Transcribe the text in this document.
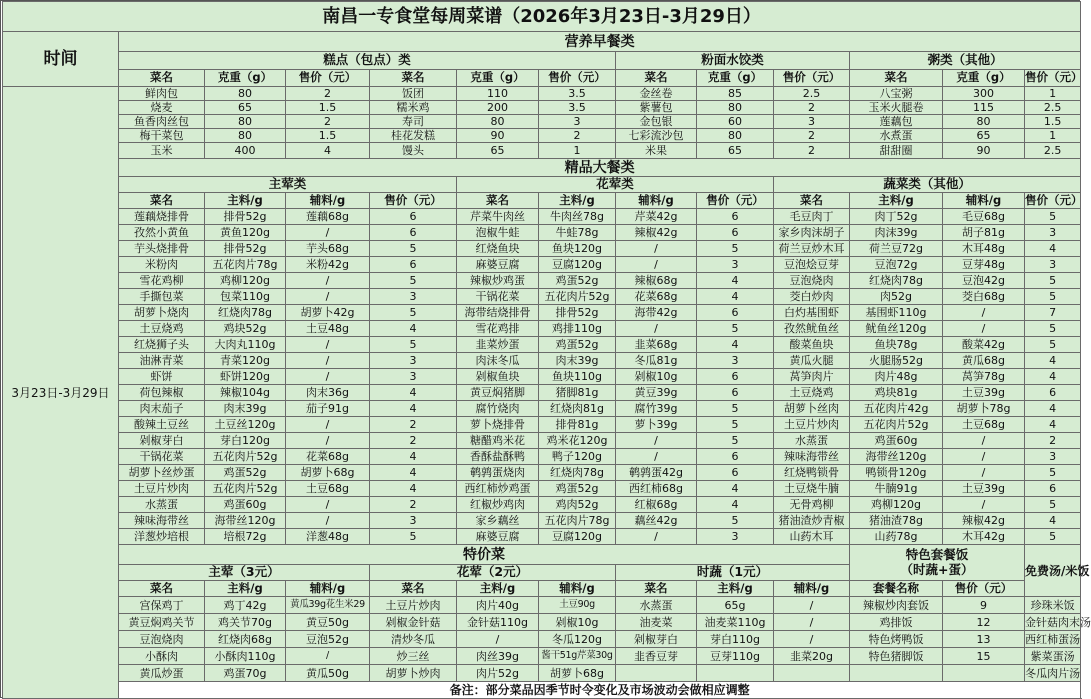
南昌一专食堂每周菜谱（2026年3月23日-3月29日）												
时间	营养早餐类											
	糕点（包点）类						粉面水饺类			粥类（其他）		
	菜名	克重（g）	售价（元）	菜名	克重（g）	售价（元）	菜名	克重（g）	售价（元）	菜名	克重（g）	售价（元）
3月23日-3月29日	鲜肉包	80	2	饭团	110	3.5	金丝卷	85	2.5	八宝粥	300	1
	烧麦	65	1.5	糯米鸡	200	3.5	紫薯包	80	2	玉米火腿卷	115	2.5
	鱼香肉丝包	80	2	寿司	80	3	金包银	60	3	莲藕包	80	1.5
	梅干菜包	80	1.5	桂花发糕	90	2	七彩流沙包	80	2	水煮蛋	65	1
	玉米	400	4	馒头	65	1	米果	65	2	甜甜圈	90	2.5
	精品大餐类											
	主荤类				花荤类				蔬菜类（其他）			
	菜名	主料/g	辅料/g	售价（元）	菜名	主料/g	辅料/g	售价（元）	菜名	主料/g	辅料/g	售价（元）
	莲藕烧排骨	排骨52g	莲藕68g	6	芹菜牛肉丝	牛肉丝78g	芹菜42g	6	毛豆肉丁	肉丁52g	毛豆68g	5
	孜然小黄鱼	黄鱼120g	/	6	泡椒牛蛙	牛蛙78g	辣椒42g	6	家乡肉沫胡子	肉沫39g	胡子81g	3
	芋头烧排骨	排骨52g	芋头68g	5	红烧鱼块	鱼块120g	/	5	荷兰豆炒木耳	荷兰豆72g	木耳48g	4
	米粉肉	五花肉片78g	米粉42g	6	麻婆豆腐	豆腐120g	/	3	豆泡烩豆芽	豆泡72g	豆芽48g	3
	雪花鸡柳	鸡柳120g	/	5	辣椒炒鸡蛋	鸡蛋52g	辣椒68g	4	豆泡烧肉	红烧肉78g	豆泡42g	5
	手撕包菜	包菜110g	/	3	干锅花菜	五花肉片52g	花菜68g	4	茭白炒肉	肉52g	茭白68g	5
	胡萝卜烧肉	红烧肉78g	胡萝卜42g	5	海带结烧排骨	排骨52g	海带42g	6	白灼基围虾	基围虾110g	/	7
	土豆烧鸡	鸡块52g	土豆48g	4	雪花鸡排	鸡排110g	/	5	孜然鱿鱼丝	鱿鱼丝120g	/	5
	红烧狮子头	大肉丸110g	/	5	韭菜炒蛋	鸡蛋52g	韭菜68g	4	酸菜鱼块	鱼块78g	酸菜42g	5
	油淋青菜	青菜120g	/	3	肉沫冬瓜	肉末39g	冬瓜81g	3	黄瓜火腿	火腿肠52g	黄瓜68g	4
	虾饼	虾饼120g	/	3	剁椒鱼块	鱼块110g	剁椒10g	6	莴笋肉片	肉片48g	莴笋78g	4
	荷包辣椒	辣椒104g	肉末36g	4	黄豆焖猪脚	猪脚81g	黄豆39g	6	土豆烧鸡	鸡块81g	土豆39g	6
	肉末茄子	肉末39g	茄子91g	4	腐竹烧肉	红烧肉81g	腐竹39g	5	胡萝卜丝肉	五花肉片42g	胡萝卜78g	4
	酸辣土豆丝	土豆丝120g	/	2	萝卜烧排骨	排骨81g	萝卜39g	5	土豆片炒肉	五花肉片52g	土豆68g	4
	剁椒芽白	芽白120g	/	2	糖醋鸡米花	鸡米花120g	/	5	水蒸蛋	鸡蛋60g	/	2
	干锅花菜	五花肉片52g	花菜68g	4	香酥盐酥鸭	鸭子120g	/	6	辣味海带丝	海带丝120g	/	3
	胡萝卜丝炒蛋	鸡蛋52g	胡萝卜68g	4	鹌鹑蛋烧肉	红烧肉78g	鹌鹑蛋42g	6	红烧鸭锁骨	鸭锁骨120g	/	5
	土豆片炒肉	五花肉片52g	土豆68g	4	西红柿炒鸡蛋	鸡蛋52g	西红柿68g	4	土豆烧牛腩	牛腩91g	土豆39g	6
	水蒸蛋	鸡蛋60g	/	2	红椒炒鸡肉	鸡肉52g	红椒68g	4	无骨鸡柳	鸡柳120g	/	5
	辣味海带丝	海带丝120g	/	3	家乡藕丝	五花肉片78g	藕丝42g	5	猪油渣炒青椒	猪油渣78g	辣椒42g	4
	洋葱炒培根	培根72g	洋葱48g	5	麻婆豆腐	豆腐120g	/	3	山药木耳	山药78g	木耳42g	5
	特价菜									特色套餐饭
（时蔬+蛋）		免费汤/米饭
	主荤（3元）			花荤（2元）			时蔬（1元）					
	菜名	主料/g	辅料/g	菜名	主料/g	辅料/g	菜名	主料/g	辅料/g	套餐名称	售价（元）	
	宫保鸡丁	鸡丁42g	黄瓜39g花生米29	土豆片炒肉	肉片40g	土豆90g	水蒸蛋	65g	/	辣椒炒肉套饭	9	珍珠米饭
	黄豆焖鸡关节	鸡关节70g	黄豆50g	剁椒金针菇	金针菇110g	剁椒10g	油麦菜	油麦菜110g	/	鸡排饭	12	金针菇肉末汤
	豆泡烧肉	红烧肉68g	豆泡52g	清炒冬瓜	/	冬瓜120g	剁椒芽白	芽白110g	/	特色烤鸭饭	13	西红柿蛋汤
	小酥肉	小酥肉110g	/	炒三丝	肉丝39g	酱干51g芹菜30g	韭香豆芽	豆芽110g	韭菜20g	特色猪脚饭	15	紫菜蛋汤
	黄瓜炒蛋	鸡蛋70g	黄瓜50g	胡萝卜炒肉	肉片52g	胡萝卜68g						冬瓜肉片汤
	备注：部分菜品因季节时令变化及市场波动会做相应调整											
